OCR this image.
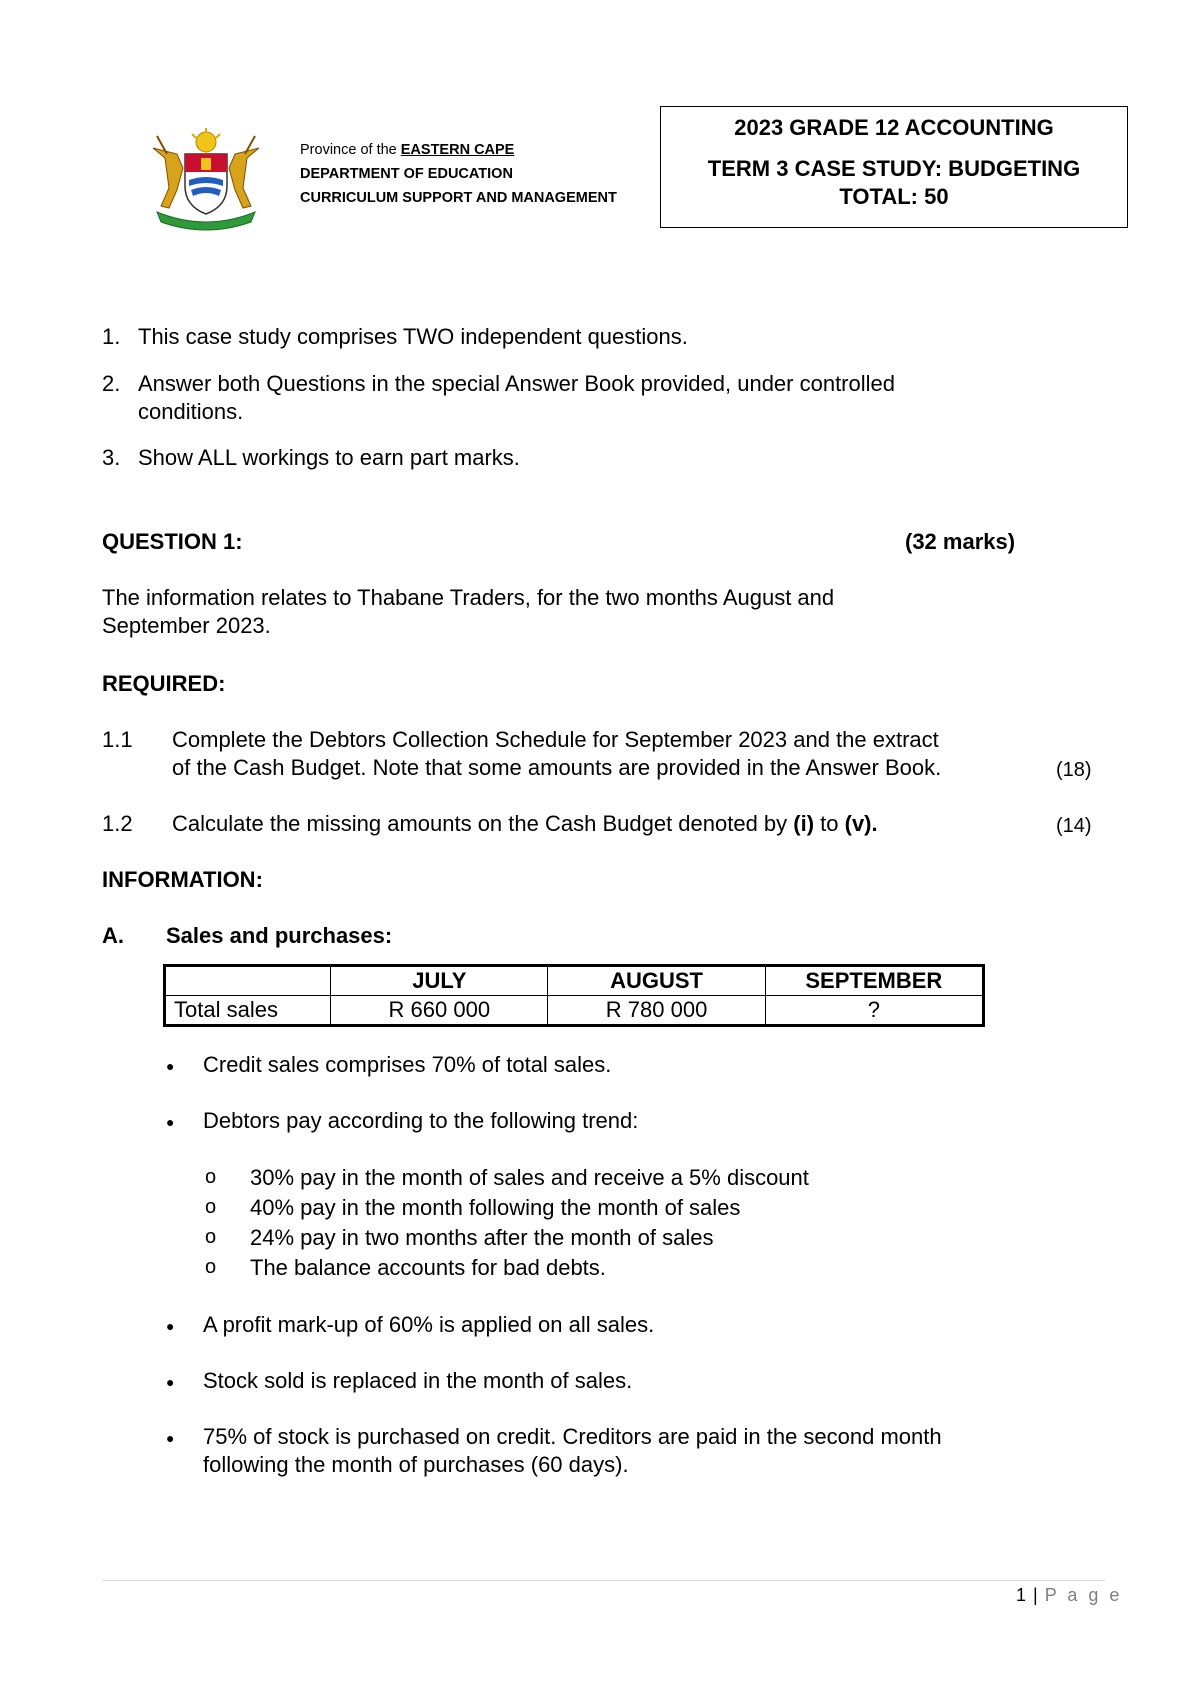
Province of the EASTERN CAPE
DEPARTMENT OF EDUCATION
CURRICULUM SUPPORT AND MANAGEMENT
2023 GRADE 12 ACCOUNTING
TERM 3 CASE STUDY: BUDGETING
TOTAL: 50
1. This case study comprises TWO independent questions.
2. Answer both Questions in the special Answer Book provided, under controlled
conditions.
3. Show ALL workings to earn part marks.
QUESTION 1:	(32 marks)
The information relates to Thabane Traders, for the two months August and
September 2023.
REQUIRED:
1.1 Complete the Debtors Collection Schedule for September 2023 and the extract
of the Cash Budget. Note that some amounts are provided in the Answer Book.	(18)
1.2 Calculate the missing amounts on the Cash Budget denoted by (i) to (v).	(14)
INFORMATION:
A. Sales and purchases:
	JULY	AUGUST	SEPTEMBER
Total sales	R 660 000	R 780 000	?
● Credit sales comprises 70% of total sales.
● Debtors pay according to the following trend:
o 30% pay in the month of sales and receive a 5% discount
o 40% pay in the month following the month of sales
o 24% pay in two months after the month of sales
o The balance accounts for bad debts.
● A profit mark-up of 60% is applied on all sales.
● Stock sold is replaced in the month of sales.
● 75% of stock is purchased on credit. Creditors are paid in the second month
following the month of purchases (60 days).
1 | P a g e
